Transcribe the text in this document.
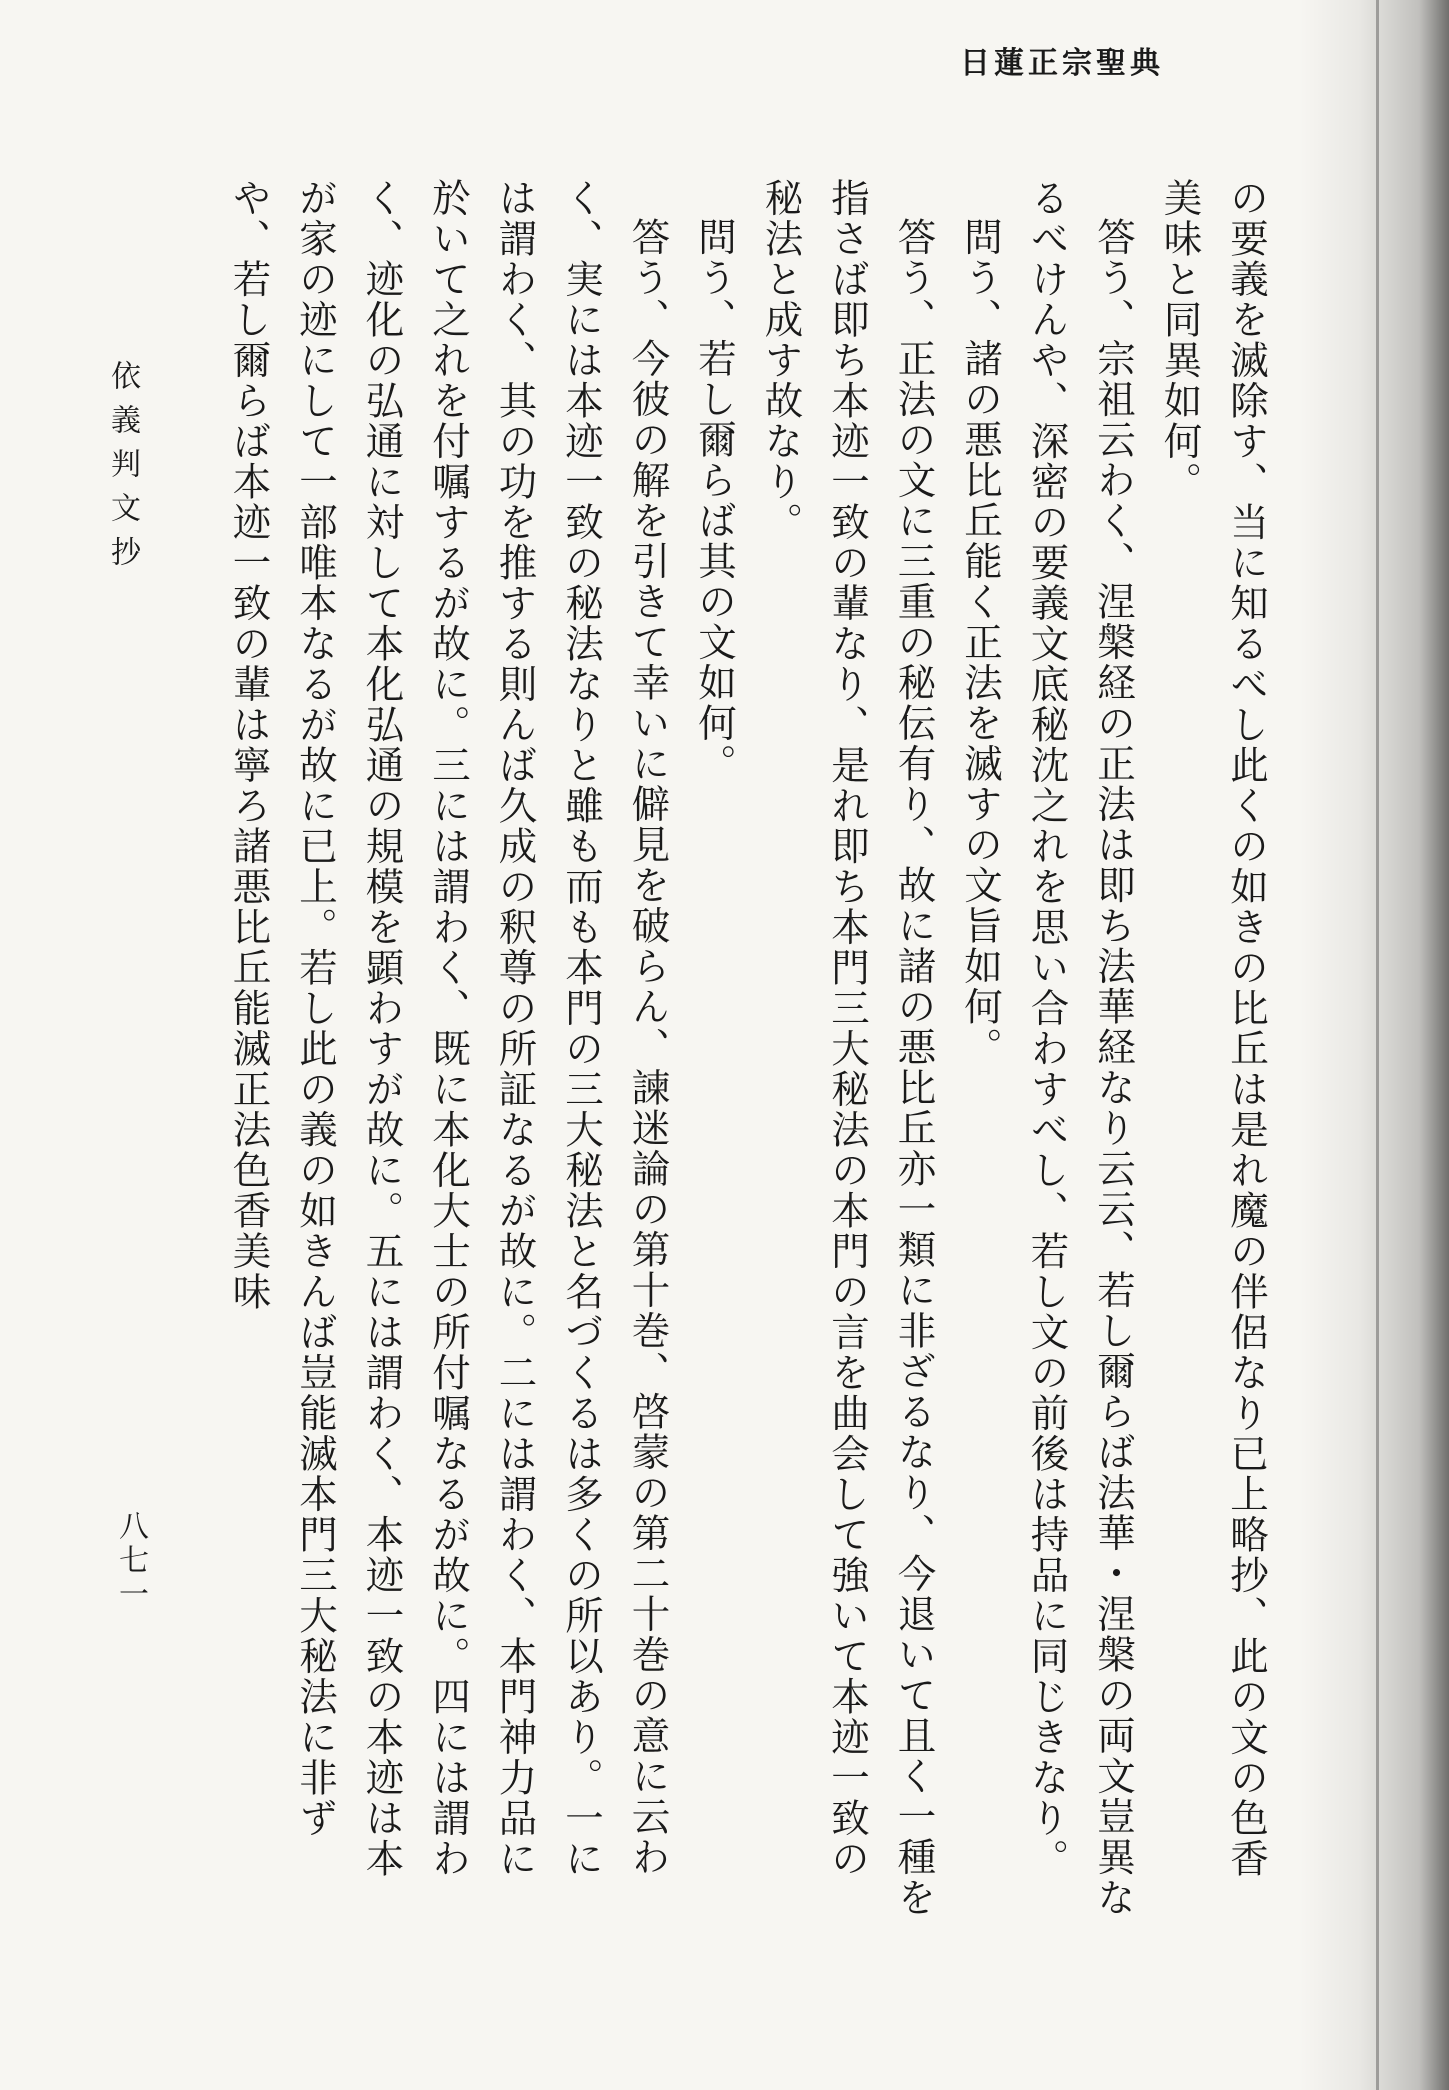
日蓮正宗聖典

の要義を滅除す、当に知るべし此くの如きの比丘は是れ魔の伴侶なり已上略抄、此の文の色香美味と同異如何。

答う、宗祖云わく、涅槃経の正法は即ち法華経なり云云、若し爾らば法華・涅槃の両文豈異なるべけんや、深密の要義文底秘沈之れを思い合わすべし、若し文の前後は持品に同じきなり。

問う、諸の悪比丘能く正法を滅すの文旨如何。

答う、正法の文に三重の秘伝有り、故に諸の悪比丘亦一類に非ざるなり、今退いて且く一種を指さば即ち本迹一致の輩なり、是れ即ち本門三大秘法の本門の言を曲会して強いて本迹一致の秘法と成す故なり。

問う、若し爾らば其の文如何。

答う、今彼の解を引きて幸いに僻見を破らん、諫迷論の第十巻、啓蒙の第二十巻の意に云わく、実には本迹一致の秘法なりと雖も而も本門の三大秘法と名づくるは多くの所以あり。一には謂わく、其の功を推する則んば久成の釈尊の所証なるが故に。二には謂わく、本門神力品に於いて之れを付嘱するが故に。三には謂わく、既に本化大士の所付嘱なるが故に。四には謂わく、迹化の弘通に対して本化弘通の規模を顕わすが故に。五には謂わく、本迹一致の本迹は本が家の迹にして一部唯本なるが故に已上。若し此の義の如きんば豈能滅本門三大秘法に非ずや、若し爾らば本迹一致の輩は寧ろ諸悪比丘能滅正法色香美味

依義判文抄
八七一
